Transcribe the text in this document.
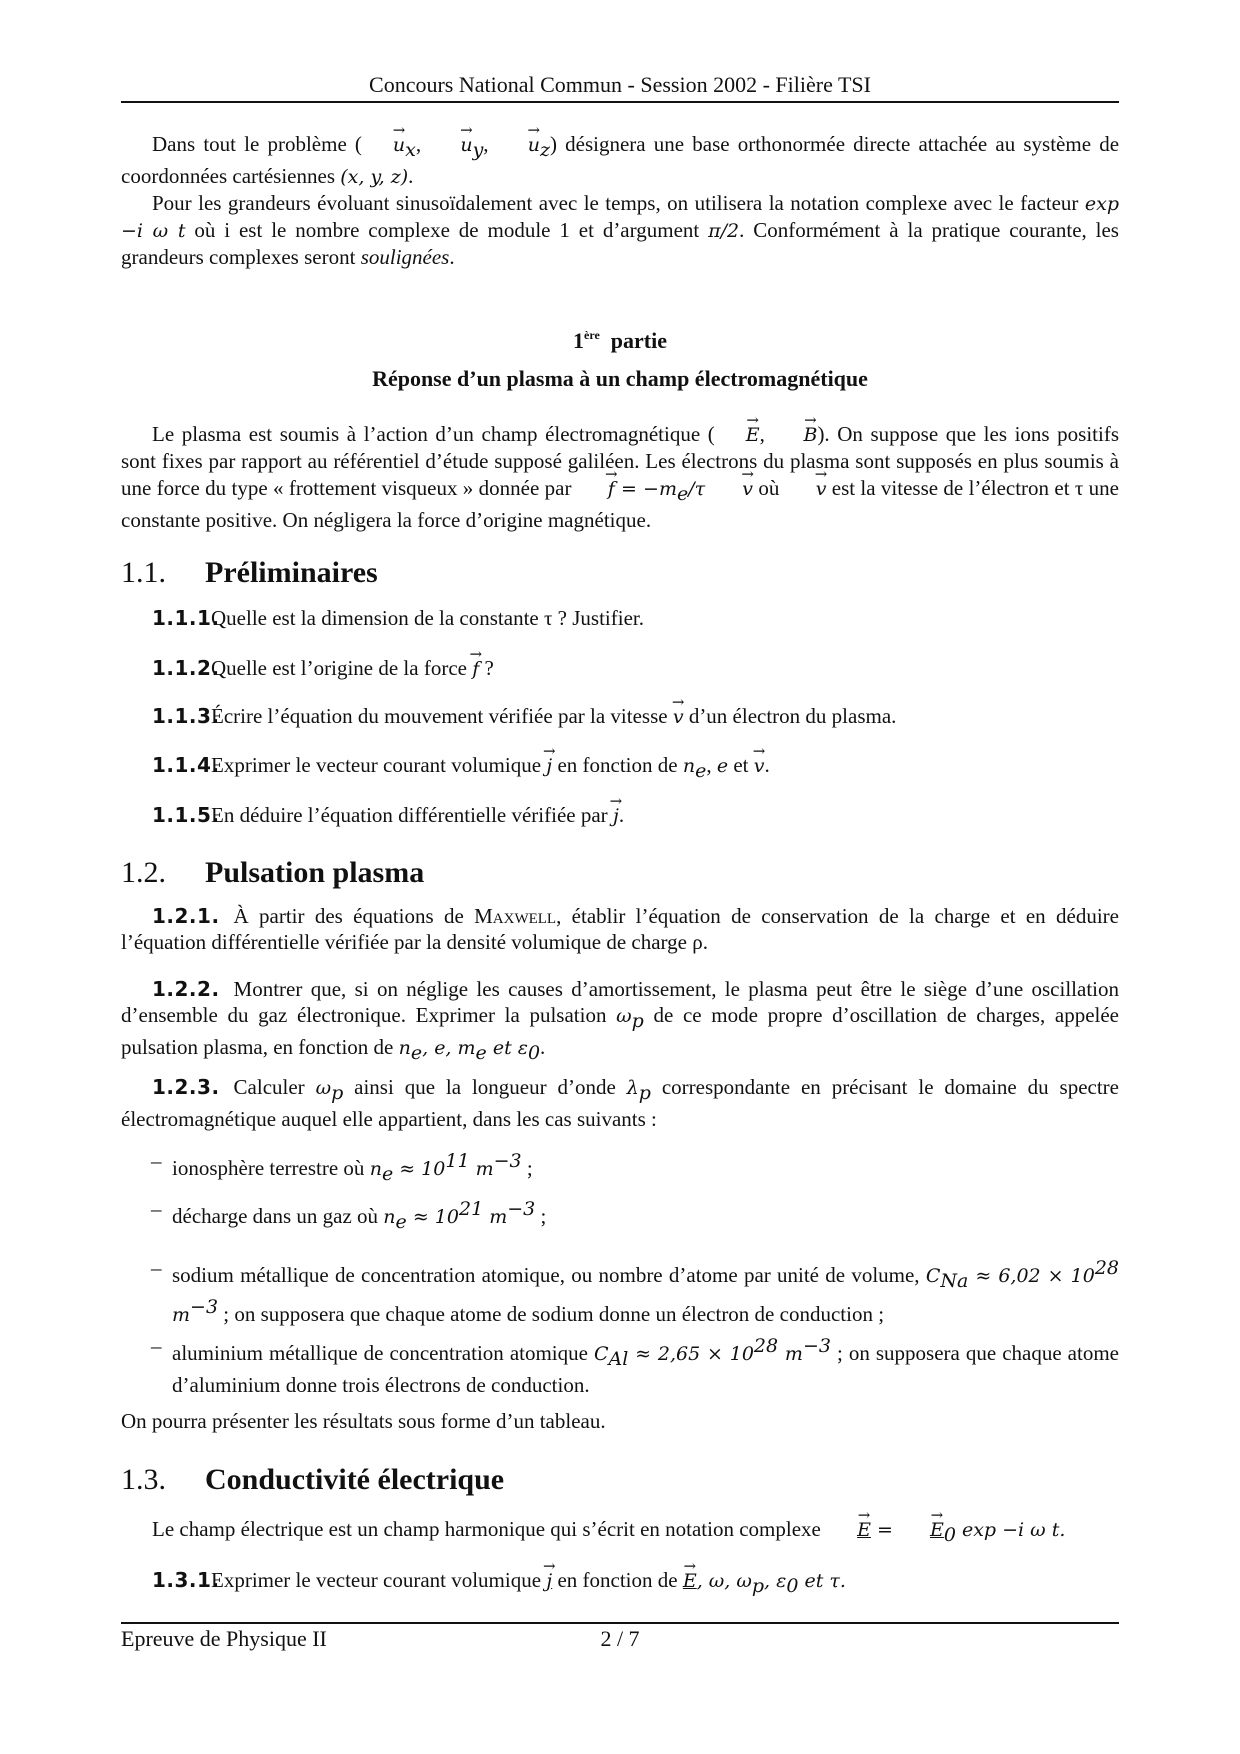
Concours National Commun - Session 2002 - Filière TSI

Dans tout le problème ( → $u_x$, → $u_y$, → $u_z$) désignera une base orthonormée directe attachée au système de coordonnées cartésiennes (x, y, z).

Pour les grandeurs évoluant sinusoïdalement avec le temps, on utilisera la notation complexe avec le facteur exp −i ω t où i est le nombre complexe de module 1 et d’argument π/2. Conformément à la pratique courante, les grandeurs complexes seront soulignées.

1ère partie
Réponse d’un plasma à un champ électromagnétique

Le plasma est soumis à l’action d’un champ électromagnétique ( → E, → B). On suppose que les ions positifs sont fixes par rapport au référentiel d’étude supposé galiléen. Les électrons du plasma sont supposés en plus soumis à une force du type « frottement visqueux » donnée par → $f = -m_e/\tau \to v$ où → v est la vitesse de l’électron et τ une constante positive. On négligera la force d’origine magnétique.

1.1. Préliminaires
1.1.1.Quelle est la dimension de la constante τ ? Justifier.
1.1.2.Quelle est l’origine de la force → f ?
1.1.3.Écrire l’équation du mouvement vérifiée par la vitesse → v d’un électron du plasma.
1.1.4.Exprimer le vecteur courant volumique → j en fonction de $n_e$, e et → v.
1.1.5.En déduire l’équation différentielle vérifiée par → j.
1.2. Pulsation plasma

1.2.1. À partir des équations de Maxwell, établir l’équation de conservation de la charge et en déduire l’équation différentielle vérifiée par la densité volumique de charge ρ.

1.2.2. Montrer que, si on néglige les causes d’amortissement, le plasma peut être le siège d’une oscillation d’ensemble du gaz électronique. Exprimer la pulsation $\omega_p$ de ce mode propre d’oscillation de charges, appelée pulsation plasma, en fonction de $n_e$, e, $m_e$ et $\varepsilon_0$.

1.2.3. Calculer $\omega_p$ ainsi que la longueur d’onde $\lambda_p$ correspondante en précisant le domaine du spectre électromagnétique auquel elle appartient, dans les cas suivants :

– ionosphère terrestre où $n_e \approx 10^{11}$ $m^{-3}$ ;
– décharge dans un gaz où $n_e \approx 10^{21}$ $m^{-3}$ ;
– sodium métallique de concentration atomique, ou nombre d’atome par unité de volume, $C_{Na} \approx 6,02 \times 10^{28}$ $m^{-3}$ ; on supposera que chaque atome de sodium donne un électron de conduction ;
– aluminium métallique de concentration atomique $C_{Al} \approx 2,65 \times 10^{28}$ $m^{-3}$ ; on supposera que chaque atome d’aluminium donne trois électrons de conduction.

On pourra présenter les résultats sous forme d’un tableau.

1.3. Conductivité électrique

Le champ électrique est un champ harmonique qui s’écrit en notation complexe → E = → $E_0$ exp −i ω t.

1.3.1.Exprimer le vecteur courant volumique → j en fonction de → E, ω, $\omega_p$, $\varepsilon_0$ et τ.
Epreuve de Physique II	2 / 7
